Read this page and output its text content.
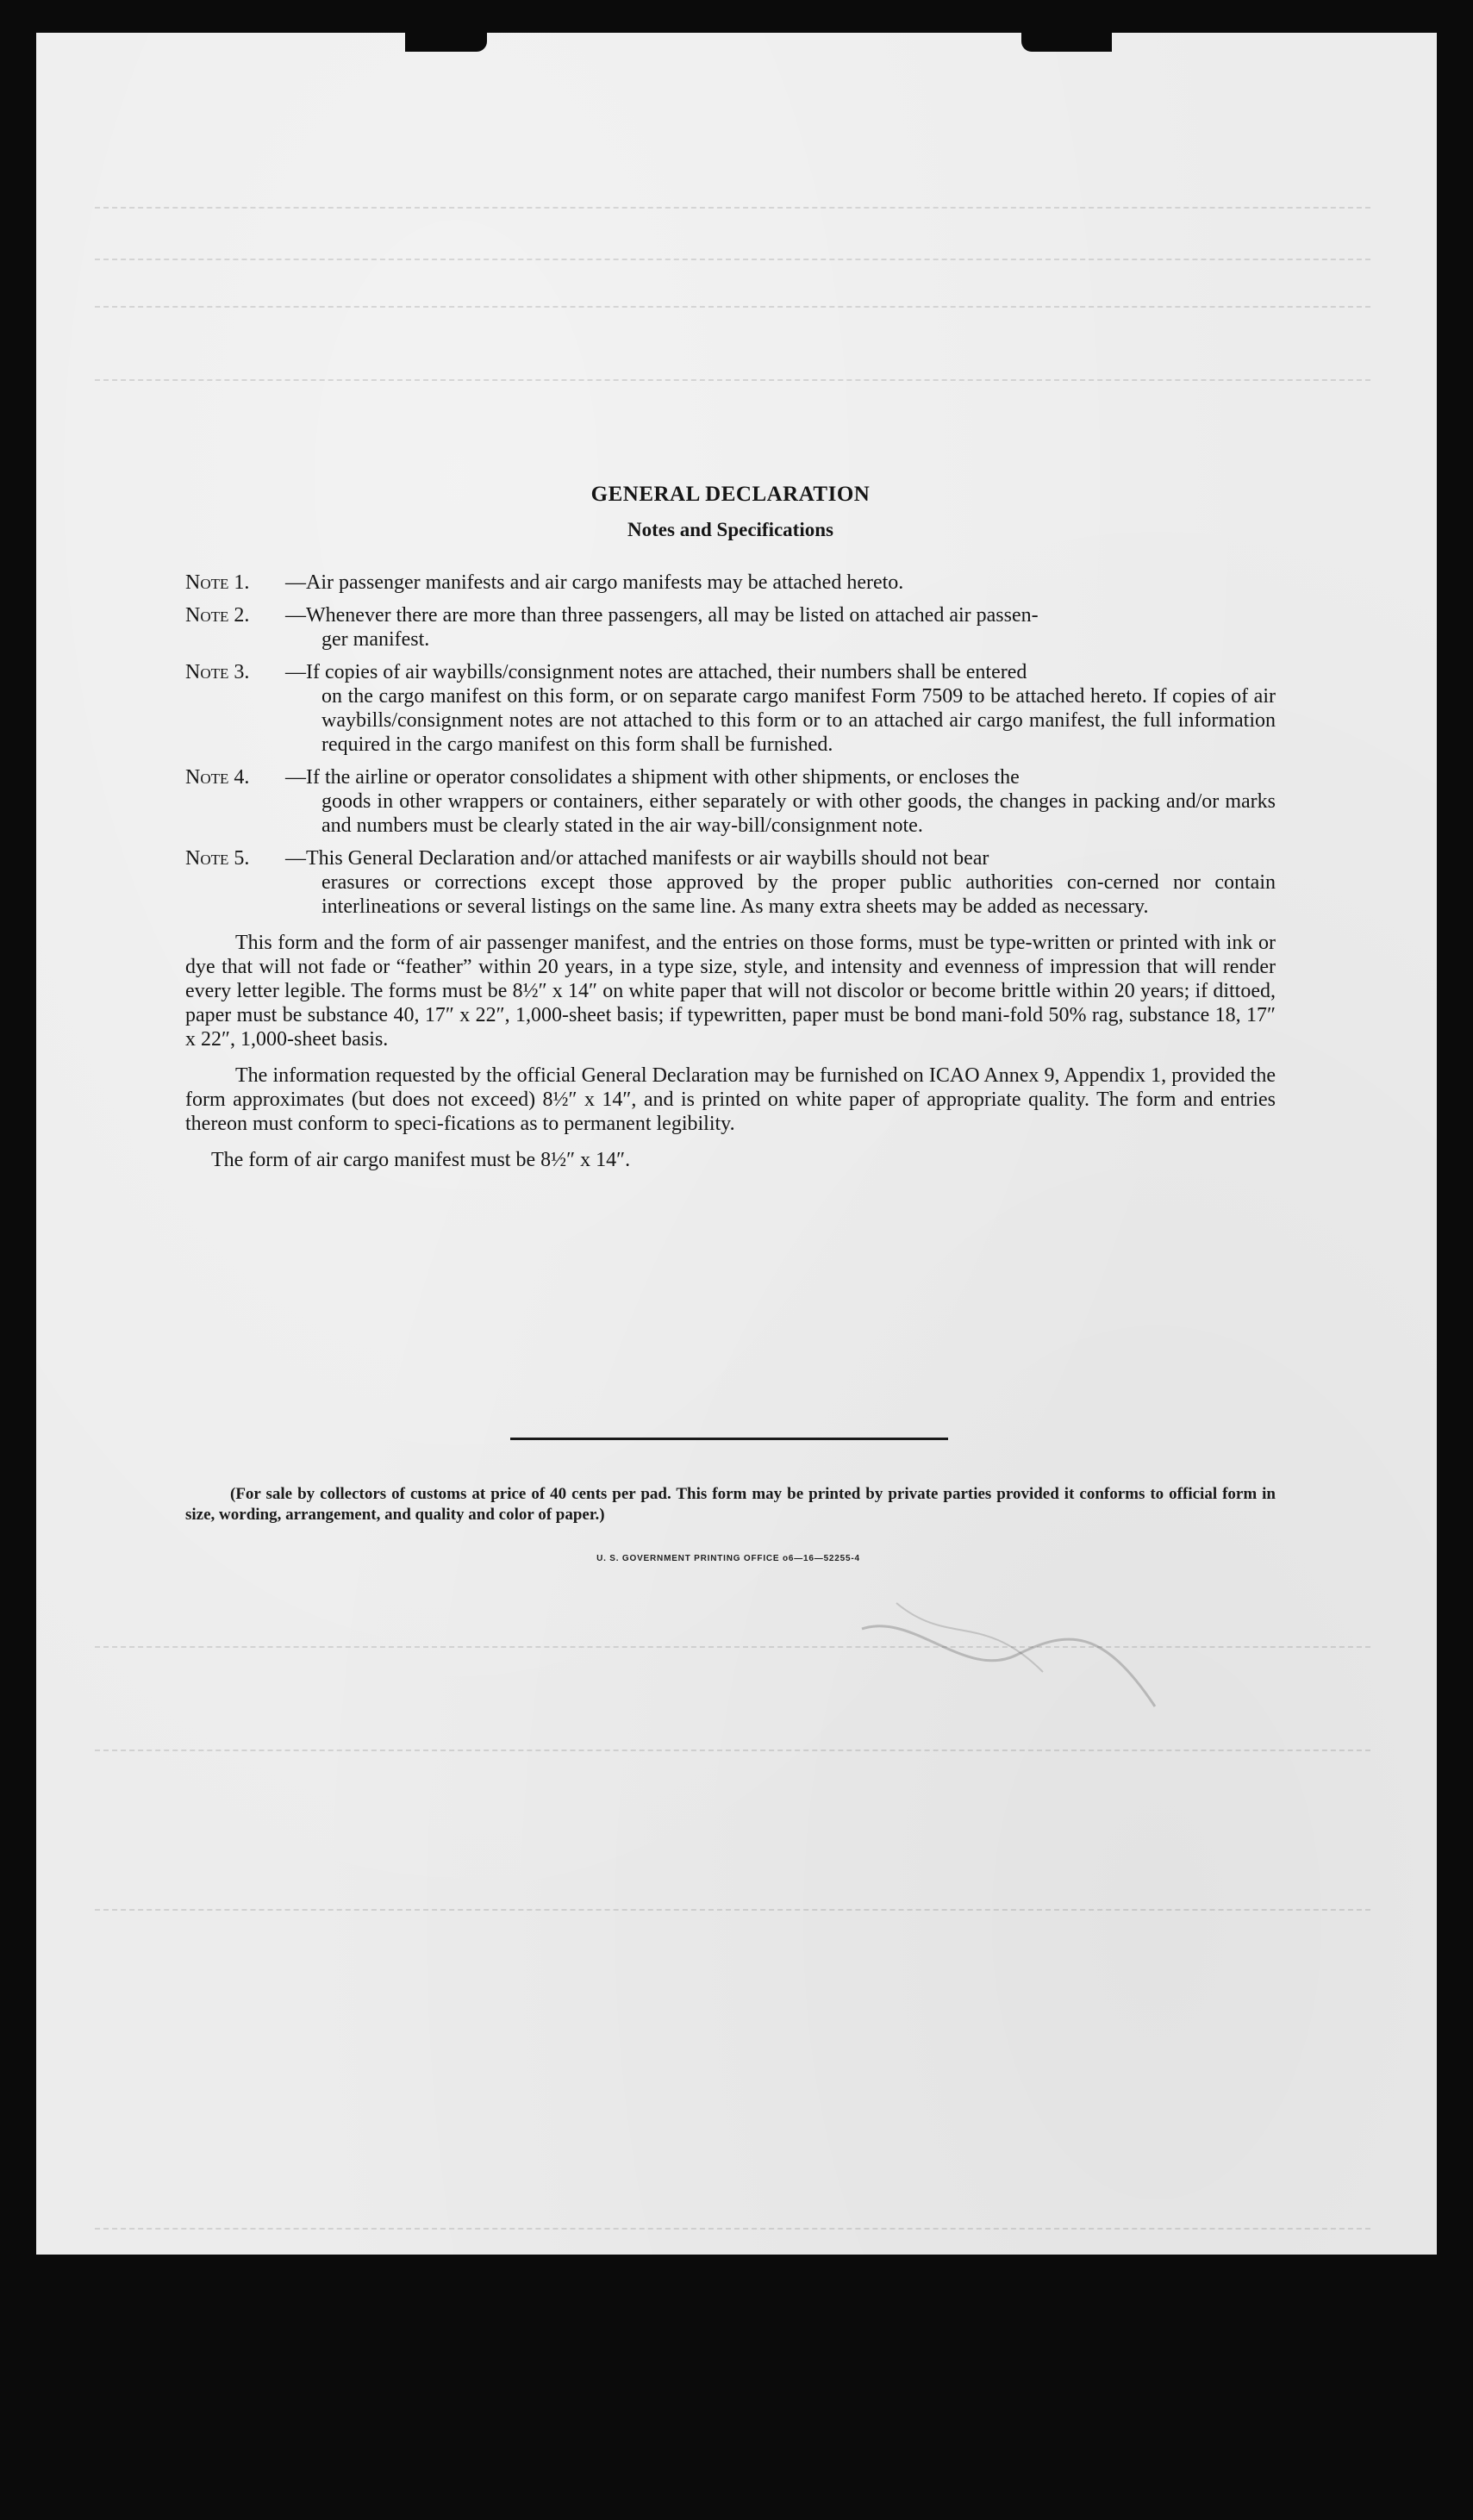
GENERAL DECLARATION
Notes and Specifications
Note 1. —Air passenger manifests and air cargo manifests may be attached hereto.
Note 2. —Whenever there are more than three passengers, all may be listed on attached air passen-
ger manifest.
Note 3. —If copies of air waybills/consignment notes are attached, their numbers shall be entered
on the cargo manifest on this form, or on separate cargo manifest Form 7509 to be attached hereto. If copies of air waybills/consignment notes are not attached to this form or to an attached air cargo manifest, the full information required in the cargo manifest on this form shall be furnished.
Note 4. —If the airline or operator consolidates a shipment with other shipments, or encloses the
goods in other wrappers or containers, either separately or with other goods, the changes in packing and/or marks and numbers must be clearly stated in the air way-bill/consignment note.
Note 5. —This General Declaration and/or attached manifests or air waybills should not bear
erasures or corrections except those approved by the proper public authorities con-cerned nor contain interlineations or several listings on the same line. As many extra sheets may be added as necessary.

This form and the form of air passenger manifest, and the entries on those forms, must be type-written or printed with ink or dye that will not fade or “feather” within 20 years, in a type size, style, and intensity and evenness of impression that will render every letter legible. The forms must be 8½″ x 14″ on white paper that will not discolor or become brittle within 20 years; if dittoed, paper must be substance 40, 17″ x 22″, 1,000-sheet basis; if typewritten, paper must be bond mani-fold 50% rag, substance 18, 17″ x 22″, 1,000-sheet basis.

The information requested by the official General Declaration may be furnished on ICAO Annex 9, Appendix 1, provided the form approximates (but does not exceed) 8½″ x 14″, and is printed on white paper of appropriate quality. The form and entries thereon must conform to speci-fications as to permanent legibility.

The form of air cargo manifest must be 8½″ x 14″.

(For sale by collectors of customs at price of 40 cents per pad. This form may be printed by private parties provided it conforms to official form in size, wording, arrangement, and quality and color of paper.)
U. S. GOVERNMENT PRINTING OFFICE o6—16—52255-4
